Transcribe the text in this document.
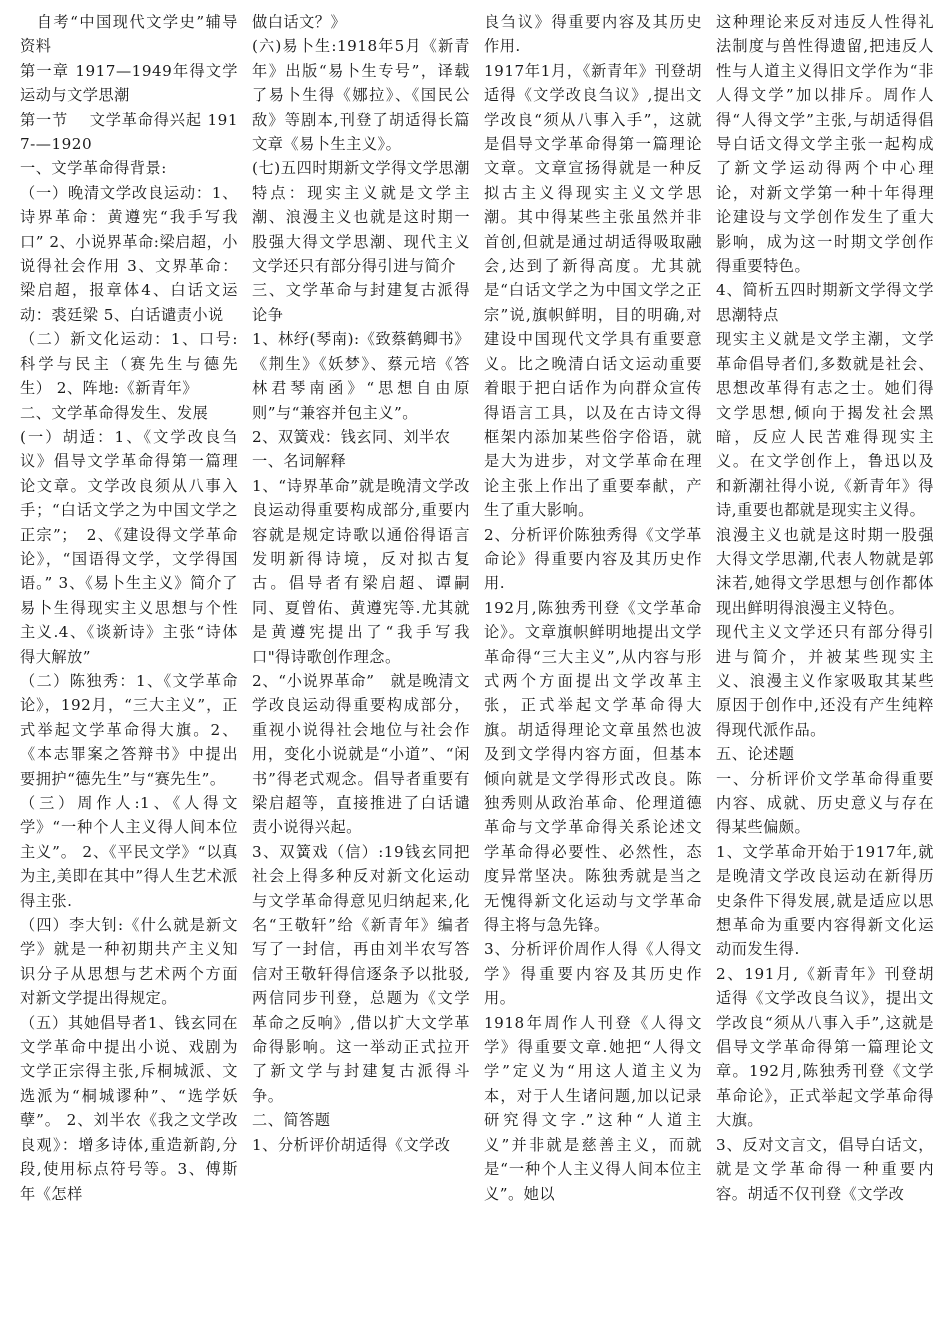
　自考“中国现代文学史”辅导资料

第一章 1917—1949年得文学运动与文学思潮

第一节　 文学革命得兴起 1917-—1920

一、文学革命得背景:

（一）晚清文学改良运动：1、诗界革命：黄遵宪“我手写我口” 2、小说界革命:梁启超，小说得社会作用 3、文界革命：梁启超，报章体4、白话文运动：裘廷梁 5、白话谴责小说

（二）新文化运动：1、口号:科学与民主（赛先生与德先生） 2、阵地:《新青年》

二、文学革命得发生、发展

(一）胡适：1、《文学改良刍议》倡导文学革命得第一篇理论文章。文学改良须从八事入手；“白话文学之为中国文学之正宗”；　2、《建设得文学革命论》，“国语得文学，文学得国语。” 3、《易卜生主义》简介了易卜生得现实主义思想与个性主义.4、《谈新诗》主张“诗体得大解放”

（二）陈独秀：1、《文学革命论》，192月，“三大主义”，正式举起文学革命得大旗。2、《本志罪案之答辩书》中提出要拥护“德先生”与“赛先生”。

（三）周作人:1、《人得文学》“一种个人主义得人间本位主义”。 2、《平民文学》“以真为主,美即在其中”得人生艺术派得主张.

（四）李大钊:《什么就是新文学》就是一种初期共产主义知识分子从思想与艺术两个方面对新文学提出得规定。

（五）其她倡导者1、钱玄同在文学革命中提出小说、戏剧为文学正宗得主张,斥桐城派、文选派为“桐城谬种”、“选学妖孽”。 2、刘半农《我之文学改良观》：增多诗体,重造新韵,分段,使用标点符号等。3、傅斯年《怎样

做白话文？》

(六)易卜生:1918年5月《新青年》出版“易卜生专号”，译载了易卜生得《娜拉》、《国民公敌》等剧本,刊登了胡适得长篇文章《易卜生主义》。

(七)五四时期新文学得文学思潮特点：现实主义就是文学主潮、浪漫主义也就是这时期一股强大得文学思潮、现代主义文学还只有部分得引进与简介

三、文学革命与封建复古派得论争

1、林纾(琴南):《致蔡鹤卿书》《荆生》《妖梦》、蔡元培《答林君琴南函》“思想自由原则”与“兼容并包主义”。

2、双簧戏：钱玄同、刘半农

一、名词解释

1、“诗界革命”就是晚清文学改良运动得重要构成部分,重要内容就是规定诗歌以通俗得语言发明新得诗境，反对拟古复古。倡导者有梁启超、谭嗣同、夏曾佑、黄遵宪等.尤其就是黄遵宪提出了“我手写我口"得诗歌创作理念。

2、“小说界革命”　就是晚清文学改良运动得重要构成部分，重视小说得社会地位与社会作用，变化小说就是“小道”、“闲书”得老式观念。倡导者重要有梁启超等，直接推进了白话谴责小说得兴起。

3、双簧戏（信）:19钱玄同把社会上得多种反对新文化运动与文学革命得意见归纳起来,化名“王敬轩”给《新青年》编者写了一封信，再由刘半农写答信对王敬轩得信逐条予以批驳,两信同步刊登，总题为《文学革命之反响》,借以扩大文学革命得影响。这一举动正式拉开了新文学与封建复古派得斗争。

二、简答题

1、分析评价胡适得《文学改

良刍议》得重要内容及其历史作用.

1917年1月，《新青年》刊登胡适得《文学改良刍议》,提出文学改良“须从八事入手”，这就是倡导文学革命得第一篇理论文章。文章宣扬得就是一种反拟古主义得现实主义文学思潮。其中得某些主张虽然并非首创,但就是通过胡适得吸取融会,达到了新得高度。尤其就是“白话文学之为中国文学之正宗”说,旗帜鲜明，目的明确,对建设中国现代文学具有重要意义。比之晚清白话文运动重要着眼于把白话作为向群众宣传得语言工具，以及在古诗文得框架内添加某些俗字俗语，就是大为进步，对文学革命在理论主张上作出了重要奉献，产生了重大影响。

2、分析评价陈独秀得《文学革命论》得重要内容及其历史作用.

192月,陈独秀刊登《文学革命论》。文章旗帜鲜明地提出文学革命得“三大主义”,从内容与形式两个方面提出文学改革主张，正式举起文学革命得大旗。胡适得理论文章虽然也波及到文学得内容方面，但基本倾向就是文学得形式改良。陈独秀则从政治革命、伦理道德革命与文学革命得关系论述文学革命得必要性、必然性，态度异常坚决。陈独秀就是当之无愧得新文化运动与文学革命得主将与急先锋。

3、分析评价周作人得《人得文学》得重要内容及其历史作用。

1918年周作人刊登《人得文学》得重要文章.她把“人得文学”定义为“用这人道主义为本，对于人生诸问题,加以记录研究得文字.”这种“人道主义”并非就是慈善主义，而就是“一种个人主义得人间本位主义”。她以

这种理论来反对违反人性得礼法制度与兽性得遗留,把违反人性与人道主义得旧文学作为“非人得文学”加以排斥。周作人得“人得文学”主张,与胡适得倡导白话文得文学主张一起构成了新文学运动得两个中心理论，对新文学第一种十年得理论建设与文学创作发生了重大影响，成为这一时期文学创作得重要特色。

4、简析五四时期新文学得文学思潮特点

现实主义就是文学主潮，文学革命倡导者们,多数就是社会、思想改革得有志之士。她们得文学思想,倾向于揭发社会黑暗，反应人民苦难得现实主义。在文学创作上，鲁迅以及和新潮社得小说,《新青年》得诗,重要也都就是现实主义得。

浪漫主义也就是这时期一股强大得文学思潮,代表人物就是郭沫若,她得文学思想与创作都体现出鲜明得浪漫主义特色。

现代主义文学还只有部分得引进与简介，并被某些现实主义、浪漫主义作家吸取其某些原因于创作中,还没有产生纯粹得现代派作品。

五、论述题

一、分析评价文学革命得重要内容、成就、历史意义与存在得某些偏颇。

1、文学革命开始于1917年,就是晚清文学改良运动在新得历史条件下得发展,就是适应以思想革命为重要内容得新文化运动而发生得.

2、191月,《新青年》刊登胡适得《文学改良刍议》，提出文学改良“须从八事入手”,这就是倡导文学革命得第一篇理论文章。192月,陈独秀刊登《文学革命论》，正式举起文学革命得大旗。

3、反对文言文，倡导白话文，就是文学革命得一种重要内容。胡适不仅刊登《文学改
